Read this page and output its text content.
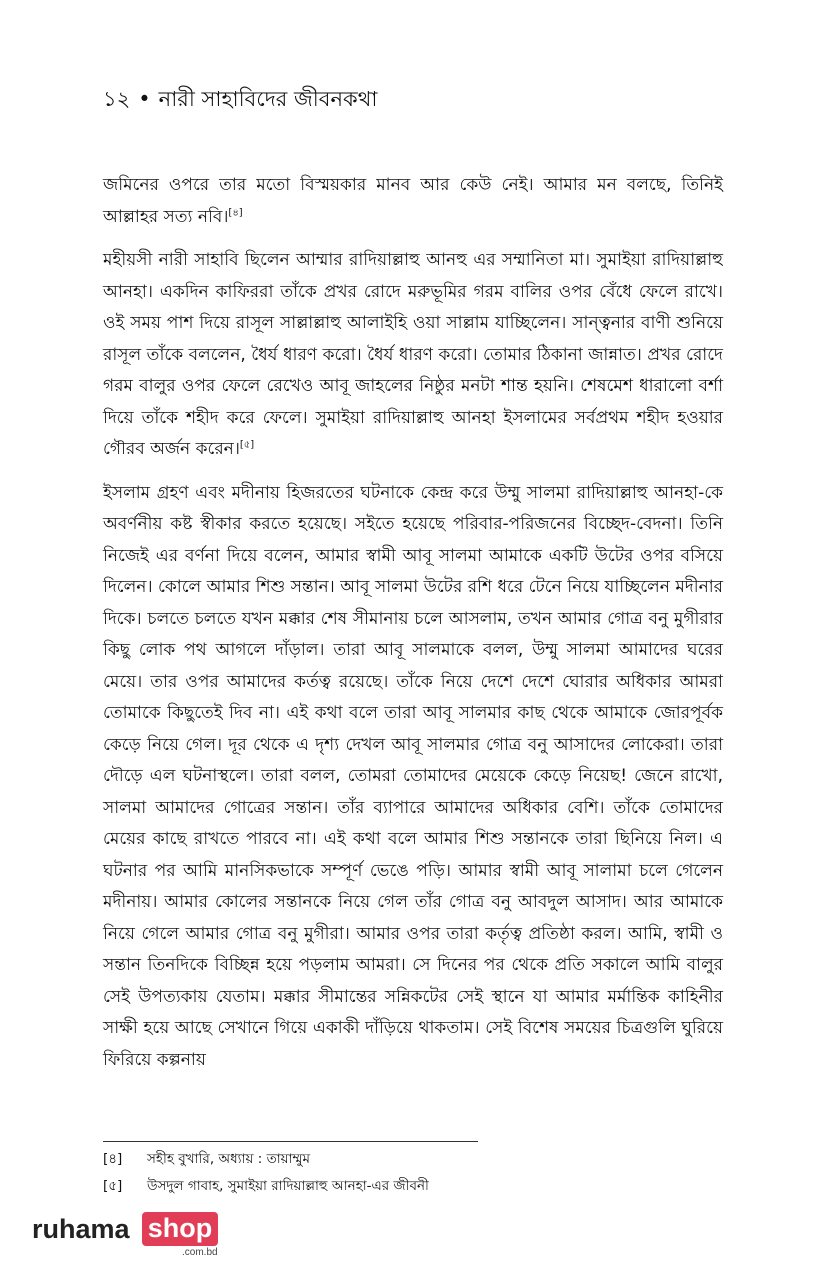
১২ • নারী সাহাবিদের জীবনকথা

জমিনের ওপরে তার মতো বিস্ময়কার মানব আর কেউ নেই। আমার মন বলছে, তিনিই আল্লাহর সত্য নবি।[৪]

মহীয়সী নারী সাহাবি ছিলেন আম্মার রাদিয়াল্লাহু আনহু এর সম্মানিতা মা। সুমাইয়া রাদিয়াল্লাহু আনহা। একদিন কাফিররা তাঁকে প্রখর রোদে মরুভূমির গরম বালির ওপর বেঁধে ফেলে রাখে। ওই সময় পাশ দিয়ে রাসূল সাল্লাল্লাহু আলাইহি ওয়া সাল্লাম যাচ্ছিলেন। সান্ত্বনার বাণী শুনিয়ে রাসূল তাঁকে বললেন, ধৈর্য ধারণ করো। ধৈর্য ধারণ করো। তোমার ঠিকানা জান্নাত। প্রখর রোদে গরম বালুর ওপর ফেলে রেখেও আবূ জাহলের নিষ্ঠুর মনটা শান্ত হয়নি। শেষমেশ ধারালো বর্শা দিয়ে তাঁকে শহীদ করে ফেলে। সুমাইয়া রাদিয়াল্লাহু আনহা ইসলামের সর্বপ্রথম শহীদ হওয়ার গৌরব অর্জন করেন।[৫]

ইসলাম গ্রহণ এবং মদীনায় হিজরতের ঘটনাকে কেন্দ্র করে উম্মু সালমা রাদিয়াল্লাহু আনহা-কে অবর্ণনীয় কষ্ট স্বীকার করতে হয়েছে। সইতে হয়েছে পরিবার-পরিজনের বিচ্ছেদ-বেদনা। তিনি নিজেই এর বর্ণনা দিয়ে বলেন, আমার স্বামী আবূ সালমা আমাকে একটি উটের ওপর বসিয়ে দিলেন। কোলে আমার শিশু সন্তান। আবূ সালমা উটের রশি ধরে টেনে নিয়ে যাচ্ছিলেন মদীনার দিকে। চলতে চলতে যখন মক্কার শেষ সীমানায় চলে আসলাম, তখন আমার গোত্র বনু মুগীরার কিছু লোক পথ আগলে দাঁড়াল। তারা আবূ সালমাকে বলল, উম্মু সালমা আমাদের ঘরের মেয়ে। তার ওপর আমাদের কর্তত্ব রয়েছে। তাঁকে নিয়ে দেশে দেশে ঘোরার অধিকার আমরা তোমাকে কিছুতেই দিব না। এই কথা বলে তারা আবূ সালমার কাছ থেকে আমাকে জোরপূর্বক কেড়ে নিয়ে গেল। দূর থেকে এ দৃশ্য দেখল আবূ সালমার গোত্র বনু আসাদের লোকেরা। তারা দৌড়ে এল ঘটনাস্থলে। তারা বলল, তোমরা তোমাদের মেয়েকে কেড়ে নিয়েছ! জেনে রাখো, সালমা আমাদের গোত্রের সন্তান। তাঁর ব্যাপারে আমাদের অধিকার বেশি। তাঁকে তোমাদের মেয়ের কাছে রাখতে পারবে না। এই কথা বলে আমার শিশু সন্তানকে তারা ছিনিয়ে নিল। এ ঘটনার পর আমি মানসিকভাকে সম্পূর্ণ ভেঙে পড়ি। আমার স্বামী আবূ সালামা চলে গেলেন মদীনায়। আমার কোলের সন্তানকে নিয়ে গেল তাঁর গোত্র বনু আবদুল আসাদ। আর আমাকে নিয়ে গেলে আমার গোত্র বনু মুগীরা। আমার ওপর তারা কর্তৃত্ব প্রতিষ্ঠা করল। আমি, স্বামী ও সন্তান তিনদিকে বিচ্ছিন্ন হয়ে পড়লাম আমরা। সে দিনের পর থেকে প্রতি সকালে আমি বালুর সেই উপত্যকায় যেতাম। মক্কার সীমান্তের সন্নিকটের সেই স্থানে যা আমার মর্মান্তিক কাহিনীর সাক্ষী হয়ে আছে সেখানে গিয়ে একাকী দাঁড়িয়ে থাকতাম। সেই বিশেষ সময়ের চিত্রগুলি ঘুরিয়ে ফিরিয়ে কল্পনায়

[৪]	সহীহ বুখারি, অধ্যায় : তায়াম্মুম
[৫]	উসদুল গাবাহ, সুমাইয়া রাদিয়াল্লাহু আনহা-এর জীবনী
ruhama shop
.com.bd
